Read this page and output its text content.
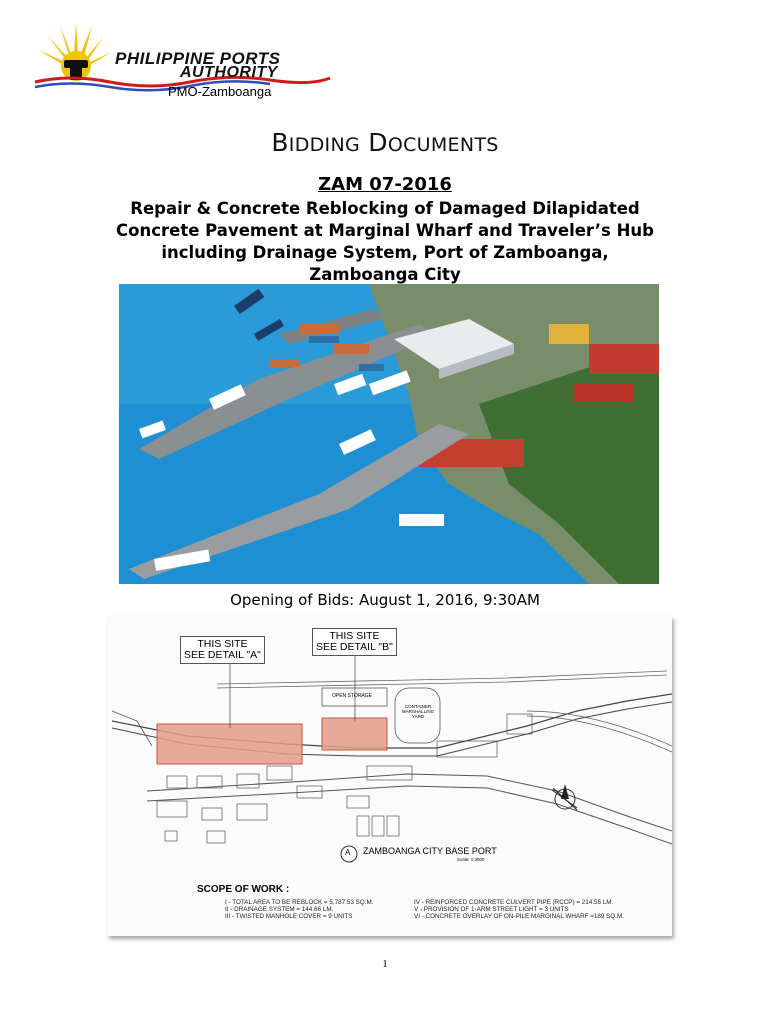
PHILIPPINE PORTS
AUTHORITY
PMO-Zamboanga
BIDDING DOCUMENTS
ZAM 07-2016
Repair & Concrete Reblocking of Damaged Dilapidated
Concrete Pavement at Marginal Wharf and Traveler’s Hub
including Drainage System, Port of Zamboanga,
Zamboanga City
Opening of Bids: August 1, 2016, 9:30AM
THIS SITE
SEE DETAIL "A"
THIS SITE
SEE DETAIL "B"
OPEN STORAGE
CONTAINER
MARSHALLING
YARD
A ZAMBOANGA CITY BASE PORT
Scale: 1:3000
SCOPE OF WORK :
I - TOTAL AREA TO BE REBLOCK = 5,787.53 SQ.M.
II - DRAINAGE SYSTEM = 144.66 LM.
III - TWISTED MANHOLE COVER = 9 UNITS
IV - REINFORCED CONCRETE CULVERT PIPE (RCCP) = 214.55 LM.
V - PROVISION OF 1-ARM STREET LIGHT = 3 UNITS
VI - CONCRETE OVERLAY OF ON-PILE MARGINAL WHARF =189 SQ.M.
1
